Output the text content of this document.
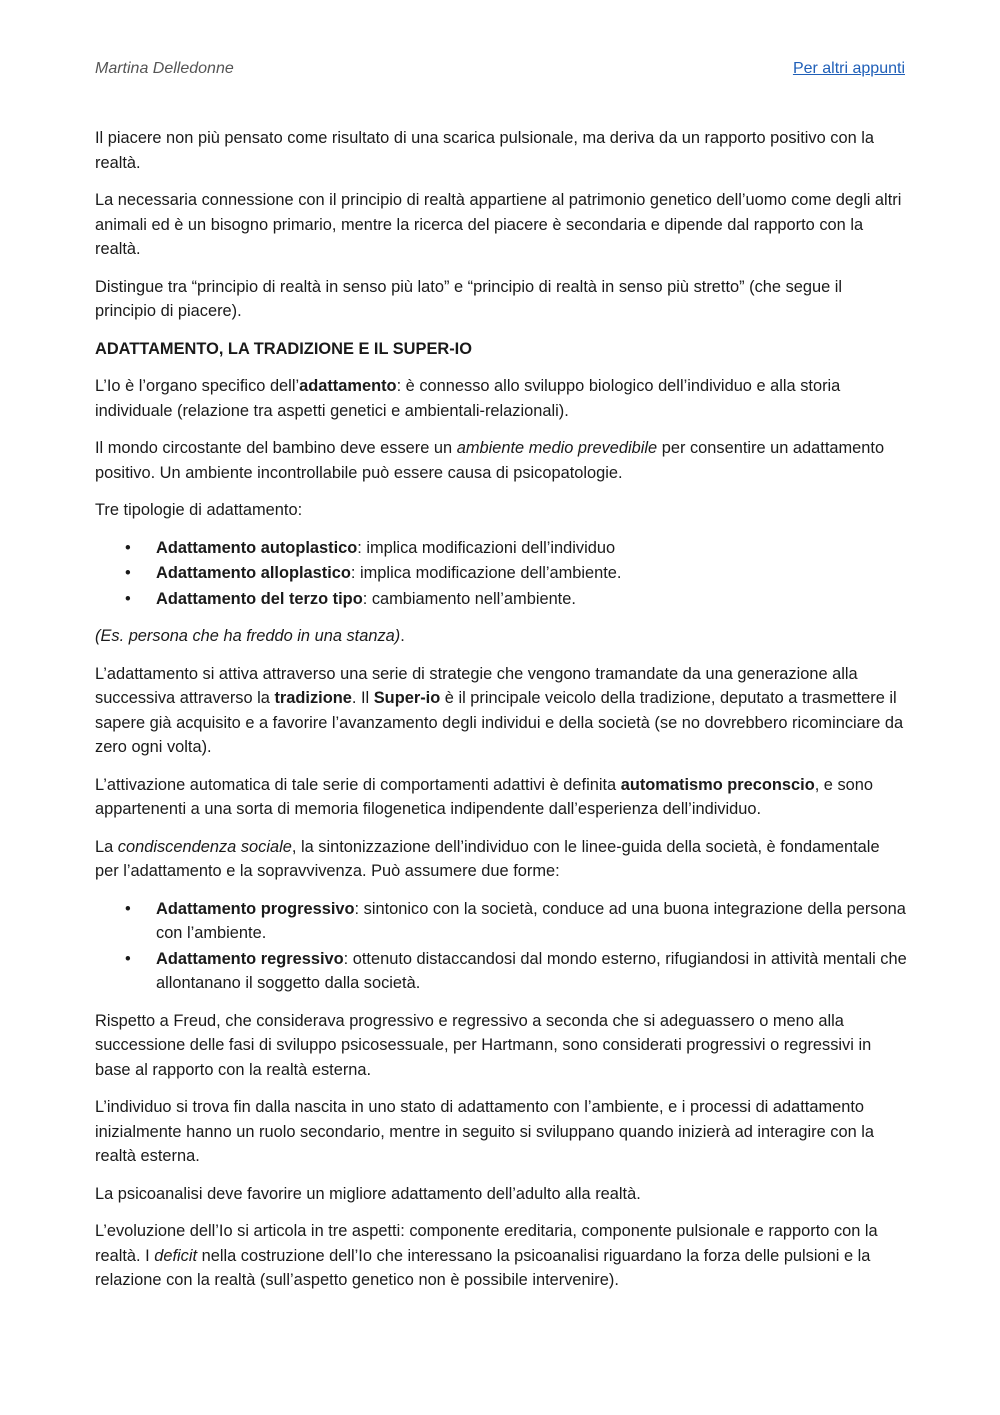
Martina Delledonne	Per altri appunti

Il piacere non più pensato come risultato di una scarica pulsionale, ma deriva da un rapporto positivo con la realtà.

La necessaria connessione con il principio di realtà appartiene al patrimonio genetico dell’uomo come degli altri animali ed è un bisogno primario, mentre la ricerca del piacere è secondaria e dipende dal rapporto con la realtà.

Distingue tra “principio di realtà in senso più lato” e “principio di realtà in senso più stretto” (che segue il principio di piacere).

ADATTAMENTO, LA TRADIZIONE E IL SUPER-IO

L’Io è l’organo specifico dell’adattamento: è connesso allo sviluppo biologico dell’individuo e alla storia individuale (relazione tra aspetti genetici e ambientali-relazionali).

Il mondo circostante del bambino deve essere un ambiente medio prevedibile per consentire un adattamento positivo. Un ambiente incontrollabile può essere causa di psicopatologie.

Tre tipologie di adattamento:

• Adattamento autoplastico: implica modificazioni dell’individuo
• Adattamento alloplastico: implica modificazione dell’ambiente.
• Adattamento del terzo tipo: cambiamento nell’ambiente.

(Es. persona che ha freddo in una stanza).

L’adattamento si attiva attraverso una serie di strategie che vengono tramandate da una generazione alla successiva attraverso la tradizione. Il Super-io è il principale veicolo della tradizione, deputato a trasmettere il sapere già acquisito e a favorire l’avanzamento degli individui e della società (se no dovrebbero ricominciare da zero ogni volta).

L’attivazione automatica di tale serie di comportamenti adattivi è definita automatismo preconscio, e sono appartenenti a una sorta di memoria filogenetica indipendente dall’esperienza dell’individuo.

La condiscendenza sociale, la sintonizzazione dell’individuo con le linee-guida della società, è fondamentale per l’adattamento e la sopravvivenza. Può assumere due forme:

• Adattamento progressivo: sintonico con la società, conduce ad una buona integrazione della persona con l’ambiente.
• Adattamento regressivo: ottenuto distaccandosi dal mondo esterno, rifugiandosi in attività mentali che allontanano il soggetto dalla società.

Rispetto a Freud, che considerava progressivo e regressivo a seconda che si adeguassero o meno alla successione delle fasi di sviluppo psicosessuale, per Hartmann, sono considerati progressivi o regressivi in base al rapporto con la realtà esterna.

L’individuo si trova fin dalla nascita in uno stato di adattamento con l’ambiente, e i processi di adattamento inizialmente hanno un ruolo secondario, mentre in seguito si sviluppano quando inizierà ad interagire con la realtà esterna.

La psicoanalisi deve favorire un migliore adattamento dell’adulto alla realtà.

L’evoluzione dell’Io si articola in tre aspetti: componente ereditaria, componente pulsionale e rapporto con la realtà. I deficit nella costruzione dell’Io che interessano la psicoanalisi riguardano la forza delle pulsioni e la relazione con la realtà (sull’aspetto genetico non è possibile intervenire).
